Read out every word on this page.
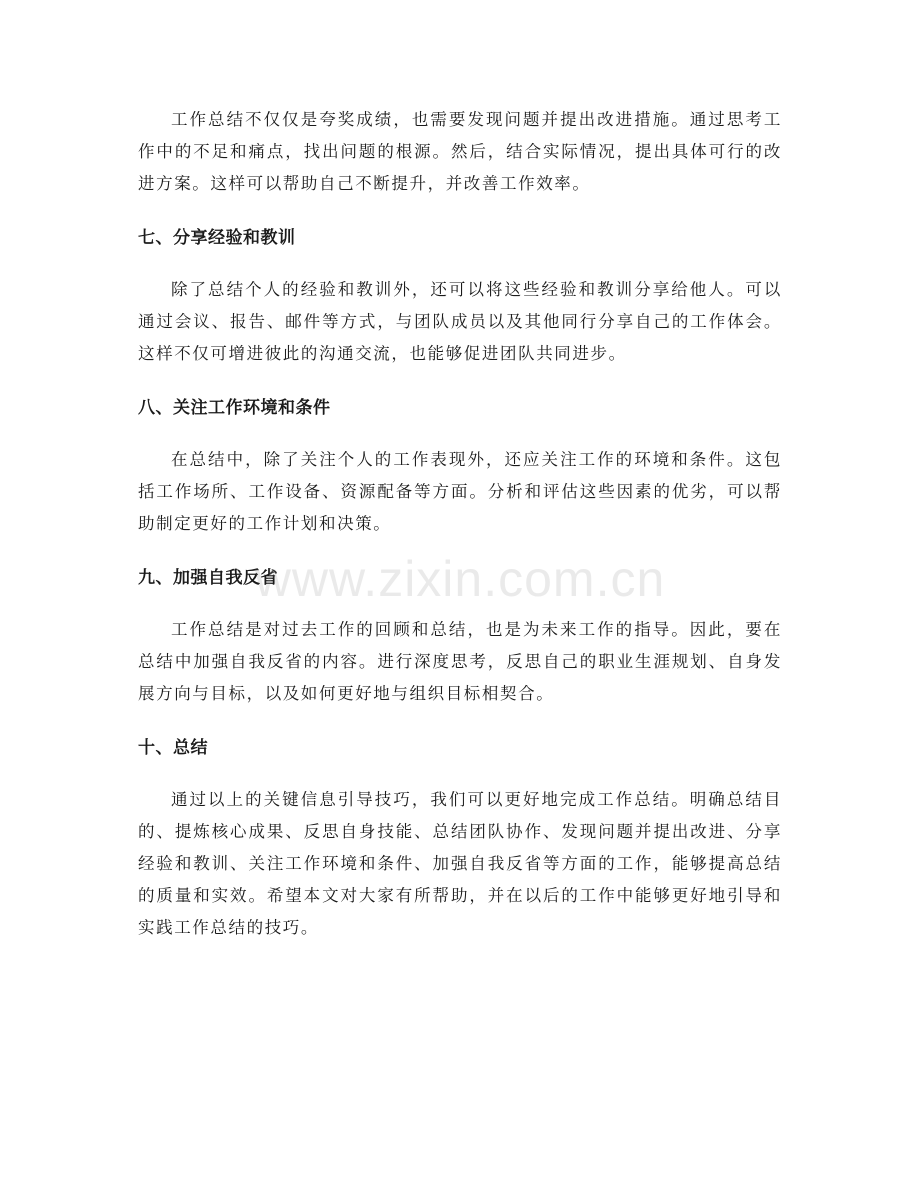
工作总结不仅仅是夸奖成绩，也需要发现问题并提出改进措施。通过思考工作中的不足和痛点，找出问题的根源。然后，结合实际情况，提出具体可行的改进方案。这样可以帮助自己不断提升，并改善工作效率。

七、分享经验和教训

除了总结个人的经验和教训外，还可以将这些经验和教训分享给他人。可以通过会议、报告、邮件等方式，与团队成员以及其他同行分享自己的工作体会。这样不仅可增进彼此的沟通交流，也能够促进团队共同进步。

八、关注工作环境和条件

在总结中，除了关注个人的工作表现外，还应关注工作的环境和条件。这包括工作场所、工作设备、资源配备等方面。分析和评估这些因素的优劣，可以帮助制定更好的工作计划和决策。

九、加强自我反省

工作总结是对过去工作的回顾和总结，也是为未来工作的指导。因此，要在总结中加强自我反省的内容。进行深度思考，反思自己的职业生涯规划、自身发展方向与目标，以及如何更好地与组织目标相契合。

十、总结

通过以上的关键信息引导技巧，我们可以更好地完成工作总结。明确总结目的、提炼核心成果、反思自身技能、总结团队协作、发现问题并提出改进、分享经验和教训、关注工作环境和条件、加强自我反省等方面的工作，能够提高总结的质量和实效。希望本文对大家有所帮助，并在以后的工作中能够更好地引导和实践工作总结的技巧。

www.zixin.com.cn
